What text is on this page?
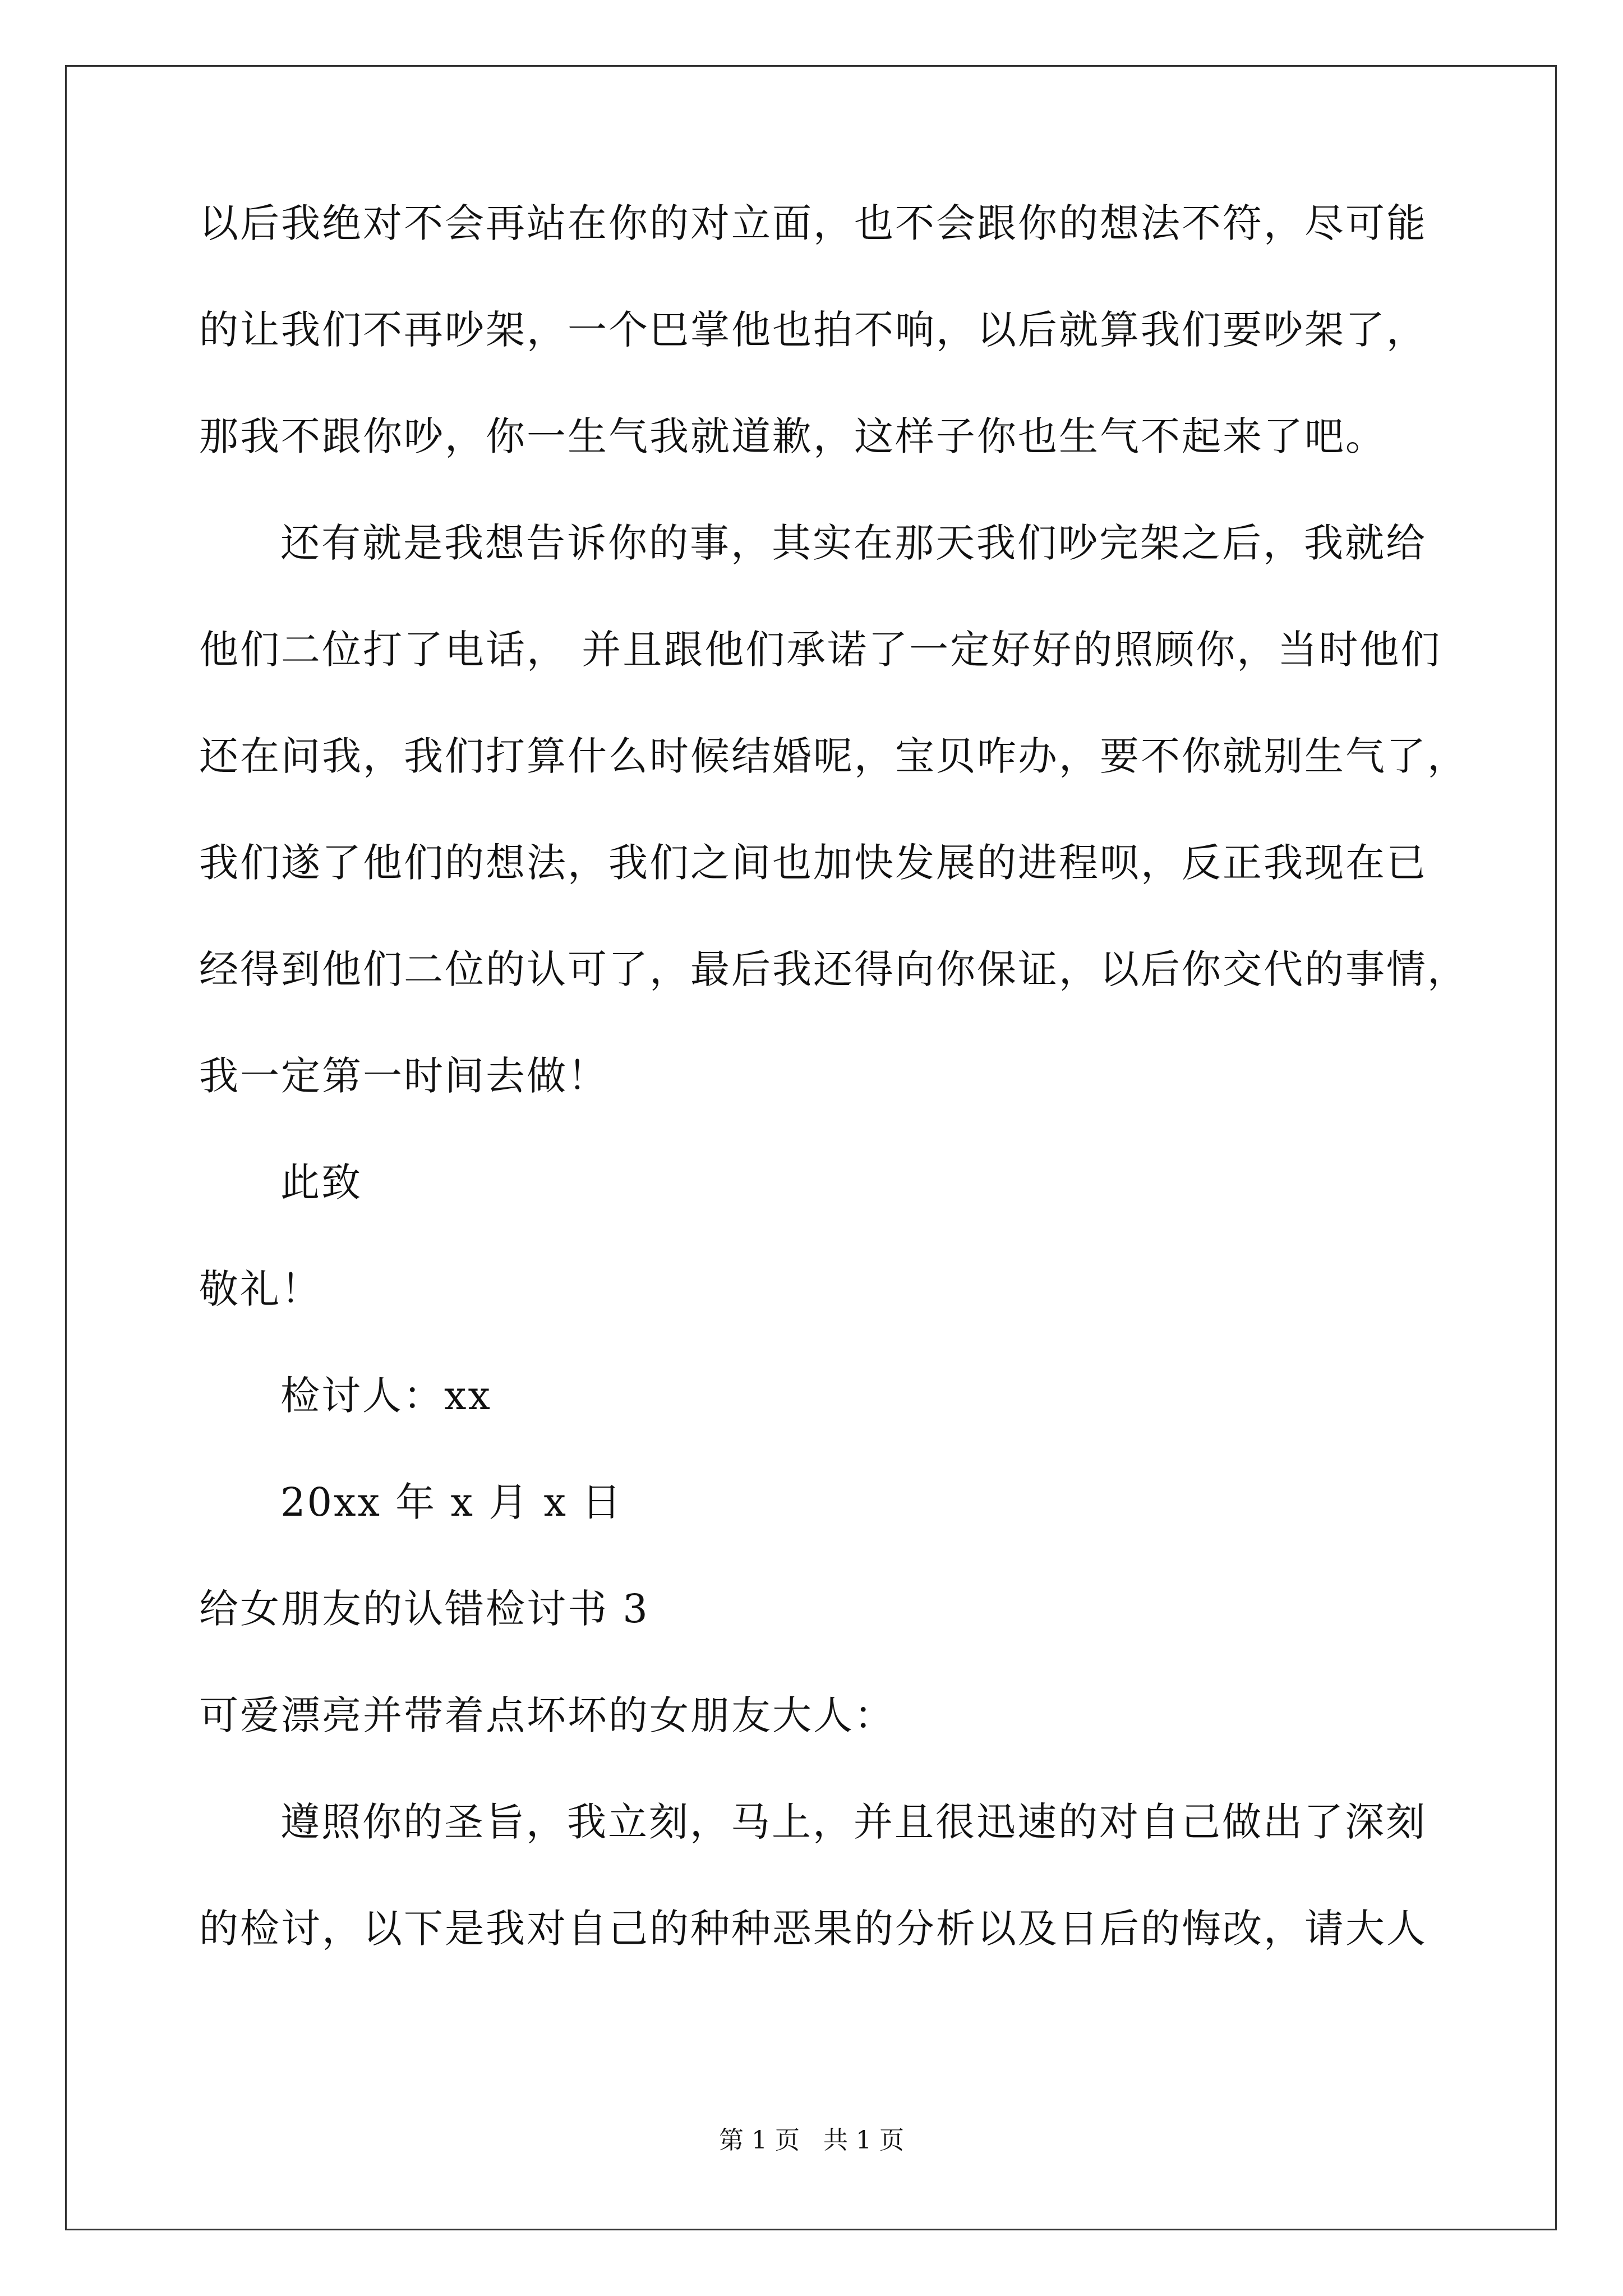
以后我绝对不会再站在你的对立面，也不会跟你的想法不符，尽可能
的让我们不再吵架，一个巴掌他也拍不响，以后就算我们要吵架了，
那我不跟你吵，你一生气我就道歉，这样子你也生气不起来了吧。
还有就是我想告诉你的事，其实在那天我们吵完架之后，我就给
他们二位打了电话， 并且跟他们承诺了一定好好的照顾你，当时他们
还在问我，我们打算什么时候结婚呢，宝贝咋办，要不你就别生气了，
我们遂了他们的想法，我们之间也加快发展的进程呗，反正我现在已
经得到他们二位的认可了，最后我还得向你保证，以后你交代的事情，
我一定第一时间去做！
此致
敬礼！
检讨人：xx
20xx 年 x 月 x 日
给女朋友的认错检讨书 3
可爱漂亮并带着点坏坏的女朋友大人：
遵照你的圣旨，我立刻，马上，并且很迅速的对自己做出了深刻
的检讨，以下是我对自己的种种恶果的分析以及日后的悔改，请大人
第 1 页   共 1 页
